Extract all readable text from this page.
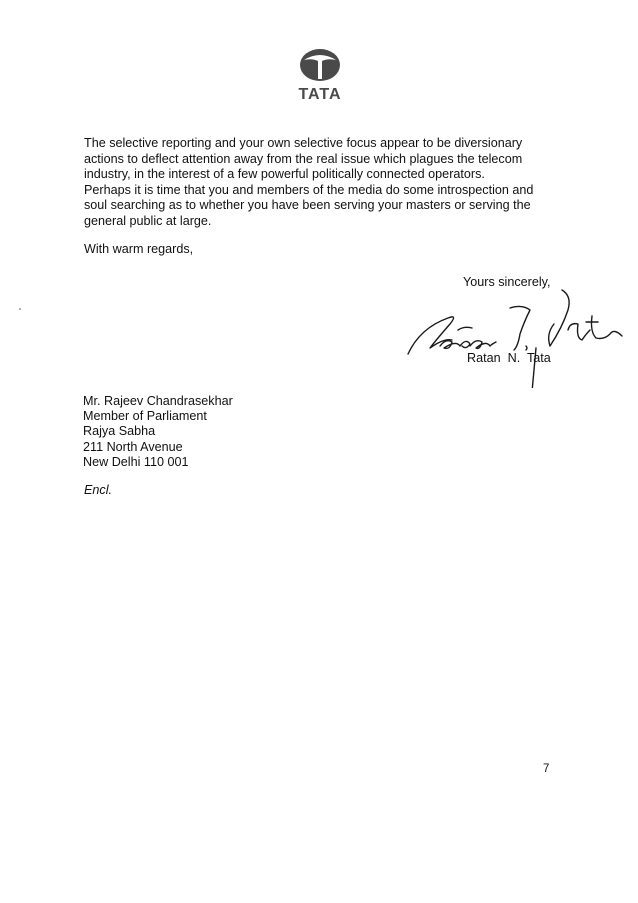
TATA
The selective reporting and your own selective focus appear to be diversionary
actions to deflect attention away from the real issue which plagues the telecom
industry, in the interest of a few powerful politically connected operators.
Perhaps it is time that you and members of the media do some introspection and
soul searching as to whether you have been serving your masters or serving the
general public at large.

With warm regards,

Yours sincerely,

Ratan  N.  Tata

Mr. Rajeev Chandrasekhar
Member of Parliament
Rajya Sabha
211 North Avenue
New Delhi 110 001

Encl.

7
